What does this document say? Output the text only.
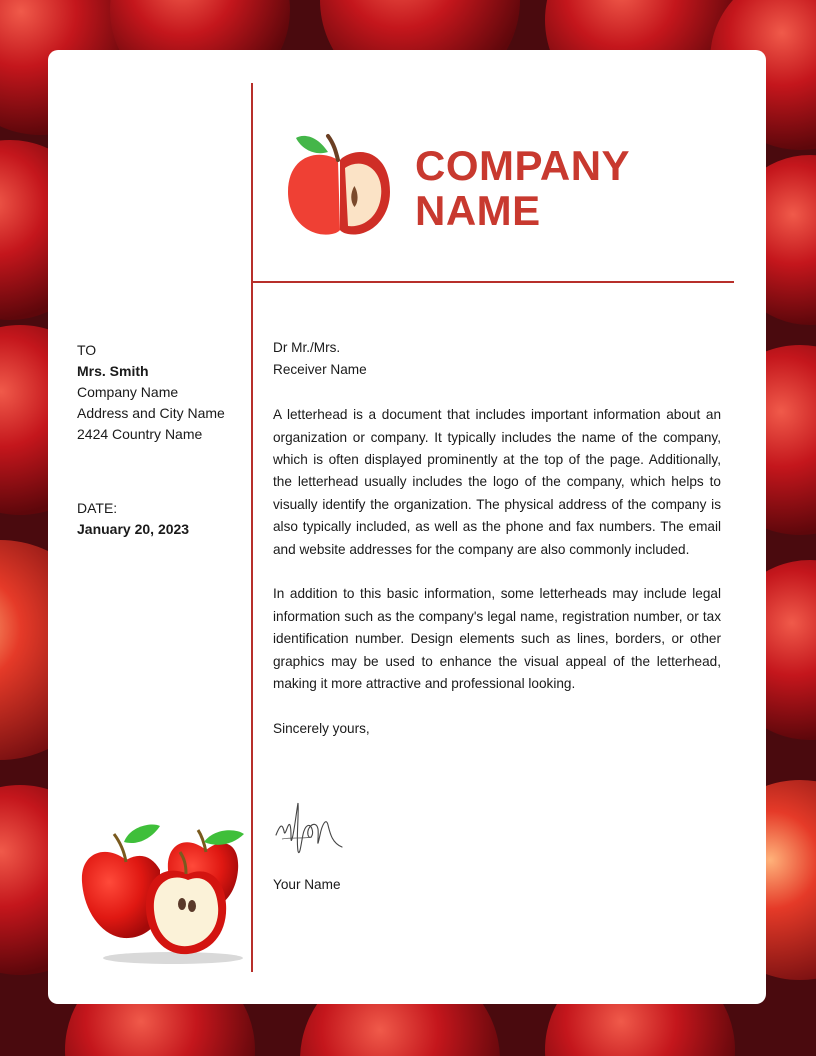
COMPANY
NAME
TO
Mrs. Smith
Company Name
Address and City Name
2424 Country Name
DATE:
January 20, 2023

Dr Mr./Mrs.

Receiver Name

A letterhead is a document that includes important information about an organization or company. It typically includes the name of the company, which is often displayed prominently at the top of the page. Additionally, the letterhead usually includes the logo of the company, which helps to visually identify the organization. The physical address of the company is also typically included, as well as the phone and fax numbers. The email and website addresses for the company are also commonly included.

In addition to this basic information, some letterheads may include legal information such as the company's legal name, registration number, or tax identification number. Design elements such as lines, borders, or other graphics may be used to enhance the visual appeal of the letterhead, making it more attractive and professional looking.

Sincerely yours,

Your Name
